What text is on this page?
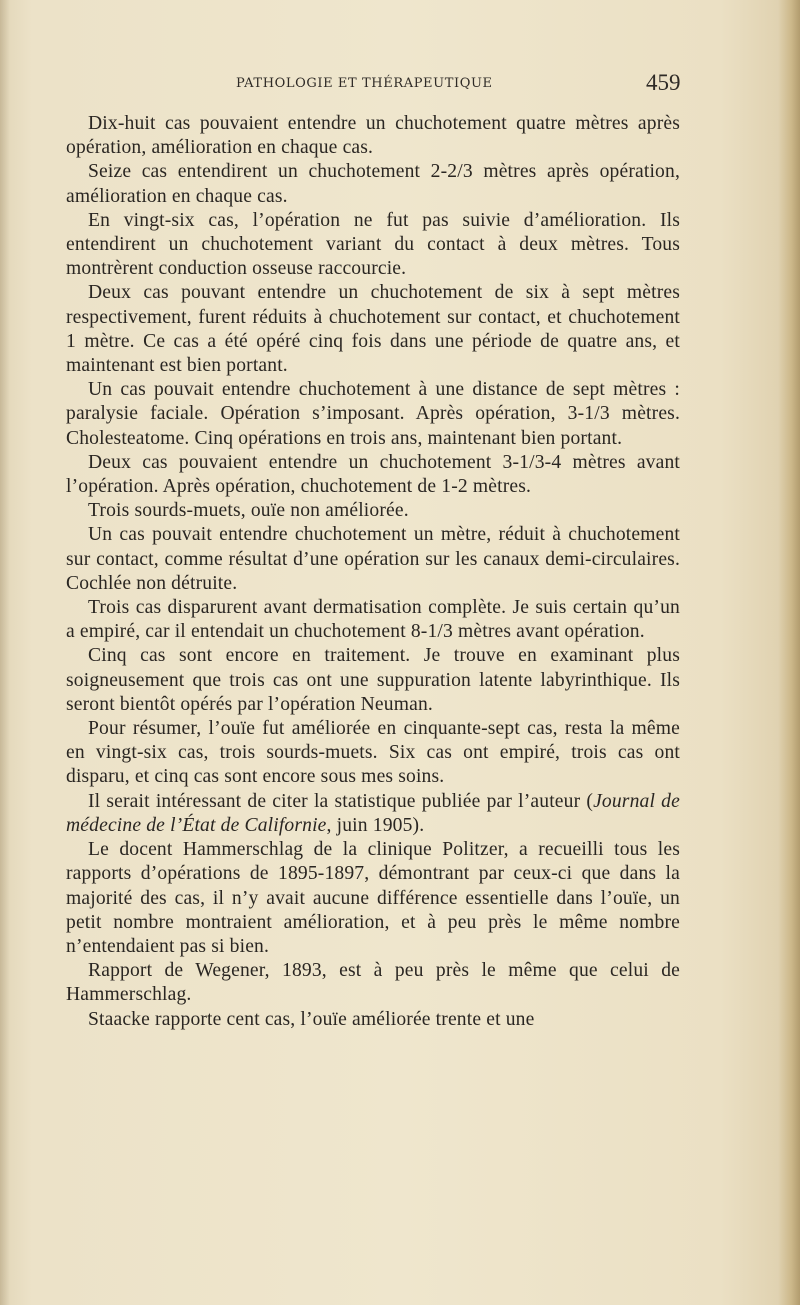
PATHOLOGIE ET THÉRAPEUTIQUE	459

Dix-huit cas pouvaient entendre un chuchotement quatre mètres après opération, amélioration en chaque cas.

Seize cas entendirent un chuchotement 2-2/3 mètres après opération, amélioration en chaque cas.

En vingt-six cas, l’opération ne fut pas suivie d’amélioration. Ils entendirent un chuchotement variant du contact à deux mètres. Tous montrèrent conduction osseuse raccourcie.

Deux cas pouvant entendre un chuchotement de six à sept mètres respectivement, furent réduits à chuchotement sur contact, et chuchotement 1 mètre. Ce cas a été opéré cinq fois dans une période de quatre ans, et maintenant est bien portant.

Un cas pouvait entendre chuchotement à une distance de sept mètres : paralysie faciale. Opération s’imposant. Après opération, 3-1/3 mètres. Cholesteatome. Cinq opérations en trois ans, maintenant bien portant.

Deux cas pouvaient entendre un chuchotement 3-1/3-4 mètres avant l’opération. Après opération, chuchotement de 1-2 mètres.

Trois sourds-muets, ouïe non améliorée.

Un cas pouvait entendre chuchotement un mètre, réduit à chuchotement sur contact, comme résultat d’une opération sur les canaux demi-circulaires. Cochlée non détruite.

Trois cas disparurent avant dermatisation complète. Je suis certain qu’un a empiré, car il entendait un chuchotement 8-1/3 mètres avant opération.

Cinq cas sont encore en traitement. Je trouve en examinant plus soigneusement que trois cas ont une suppuration latente labyrinthique. Ils seront bientôt opérés par l’opération Neuman.

Pour résumer, l’ouïe fut améliorée en cinquante-sept cas, resta la même en vingt-six cas, trois sourds-muets. Six cas ont empiré, trois cas ont disparu, et cinq cas sont encore sous mes soins.

Il serait intéressant de citer la statistique publiée par l’auteur (Journal de médecine de l’État de Californie, juin 1905).

Le docent Hammerschlag de la clinique Politzer, a recueilli tous les rapports d’opérations de 1895-1897, démontrant par ceux-ci que dans la majorité des cas, il n’y avait aucune différence essentielle dans l’ouïe, un petit nombre montraient amélioration, et à peu près le même nombre n’entendaient pas si bien.

Rapport de Wegener, 1893, est à peu près le même que celui de Hammerschlag.

Staacke rapporte cent cas, l’ouïe améliorée trente et une
